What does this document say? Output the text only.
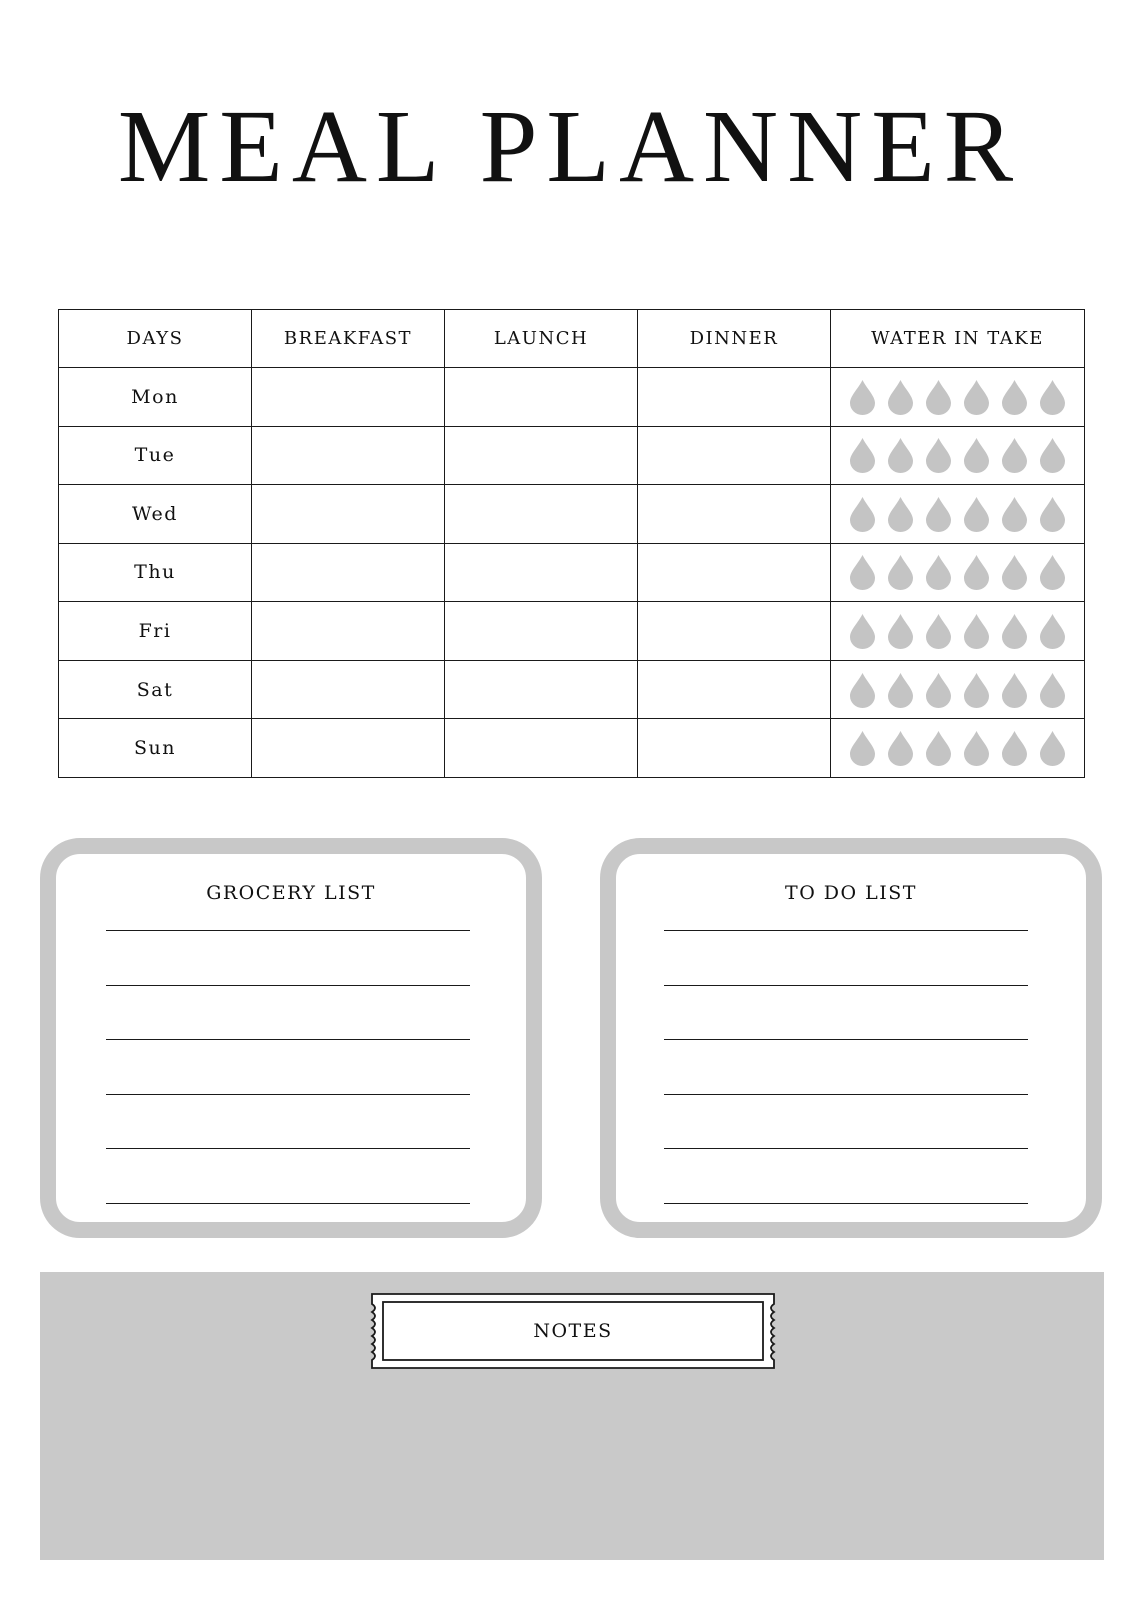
MEAL PLANNER
DAYS	BREAKFAST	LAUNCH	DINNER	WATER IN TAKE
Mon				

Tue				

Wed				

Thu				

Fri				

Sat				

Sun				
GROCERY LIST	TO DO LIST
NOTES
